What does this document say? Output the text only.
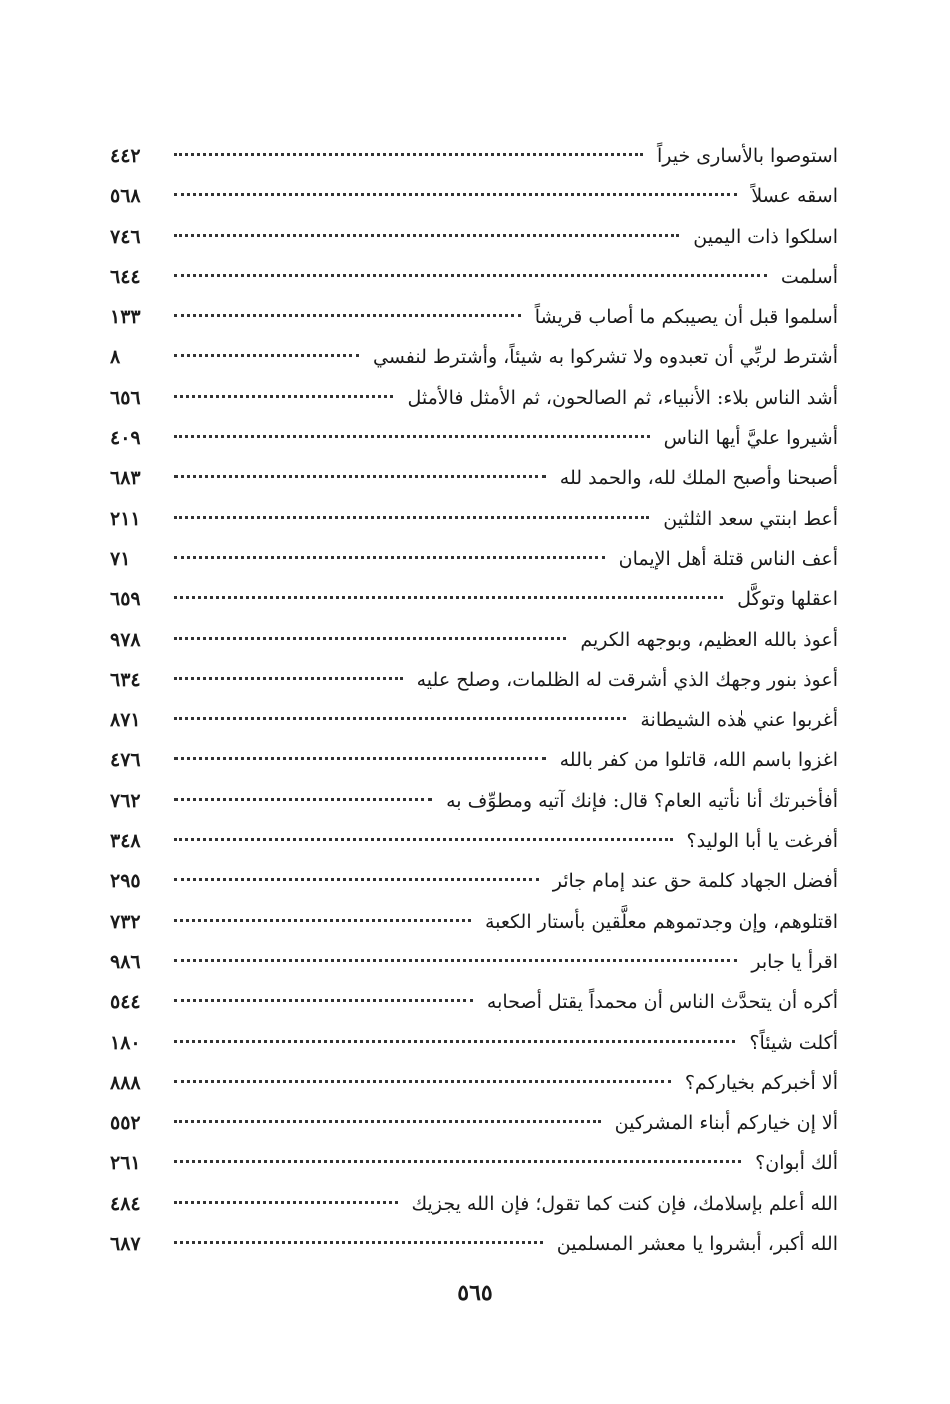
استوصوا بالأسارى خيراً
٤٤٢
اسقه عسلاً
٥٦٨
اسلكوا ذات اليمين
٧٤٦
أسلمت
٦٤٤
أسلموا قبل أن يصيبكم ما أصاب قريشاً
١٣٣
أشترط لربِّي أن تعبدوه ولا تشركوا به شيئاً، وأشترط لنفسي
٨
أشد الناس بلاء: الأنبياء، ثم الصالحون، ثم الأمثل فالأمثل
٦٥٦
أشيروا عليَّ أيها الناس
٤٠٩
أصبحنا وأصبح الملك لله، والحمد لله
٦٨٣
أعط ابنتي سعد الثلثين
٢١١
أعف الناس قتلة أهل الإيمان
٧١
اعقلها وتوكَّل
٦٥٩
أعوذ بالله العظيم، وبوجهه الكريم
٩٧٨
أعوذ بنور وجهك الذي أشرقت له الظلمات، وصلح عليه
٦٣٤
أغربوا عني هٰذه الشيطانة
٨٧١
اغزوا باسم الله، قاتلوا من كفر بالله
٤٧٦
أفأخبرتك أنا نأتيه العام؟ قال: فإنك آتيه ومطوِّف به
٧٦٢
أفرغت يا أبا الوليد؟
٣٤٨
أفضل الجهاد كلمة حق عند إمام جائر
٢٩٥
اقتلوهم، وإن وجدتموهم معلَّقين بأستار الكعبة
٧٣٢
اقرأ يا جابر
٩٨٦
أكره أن يتحدَّث الناس أن محمداً يقتل أصحابه
٥٤٤
أكلت شيئاً؟
١٨٠
ألا أخبركم بخياركم؟
٨٨٨
ألا إن خياركم أبناء المشركين
٥٥٢
ألك أبوان؟
٢٦١
الله أعلم بإسلامك، فإن كنت كما تقول؛ فإن الله يجزيك
٤٨٤
الله أكبر، أبشروا يا معشر المسلمين
٦٨٧
٥٦٥
